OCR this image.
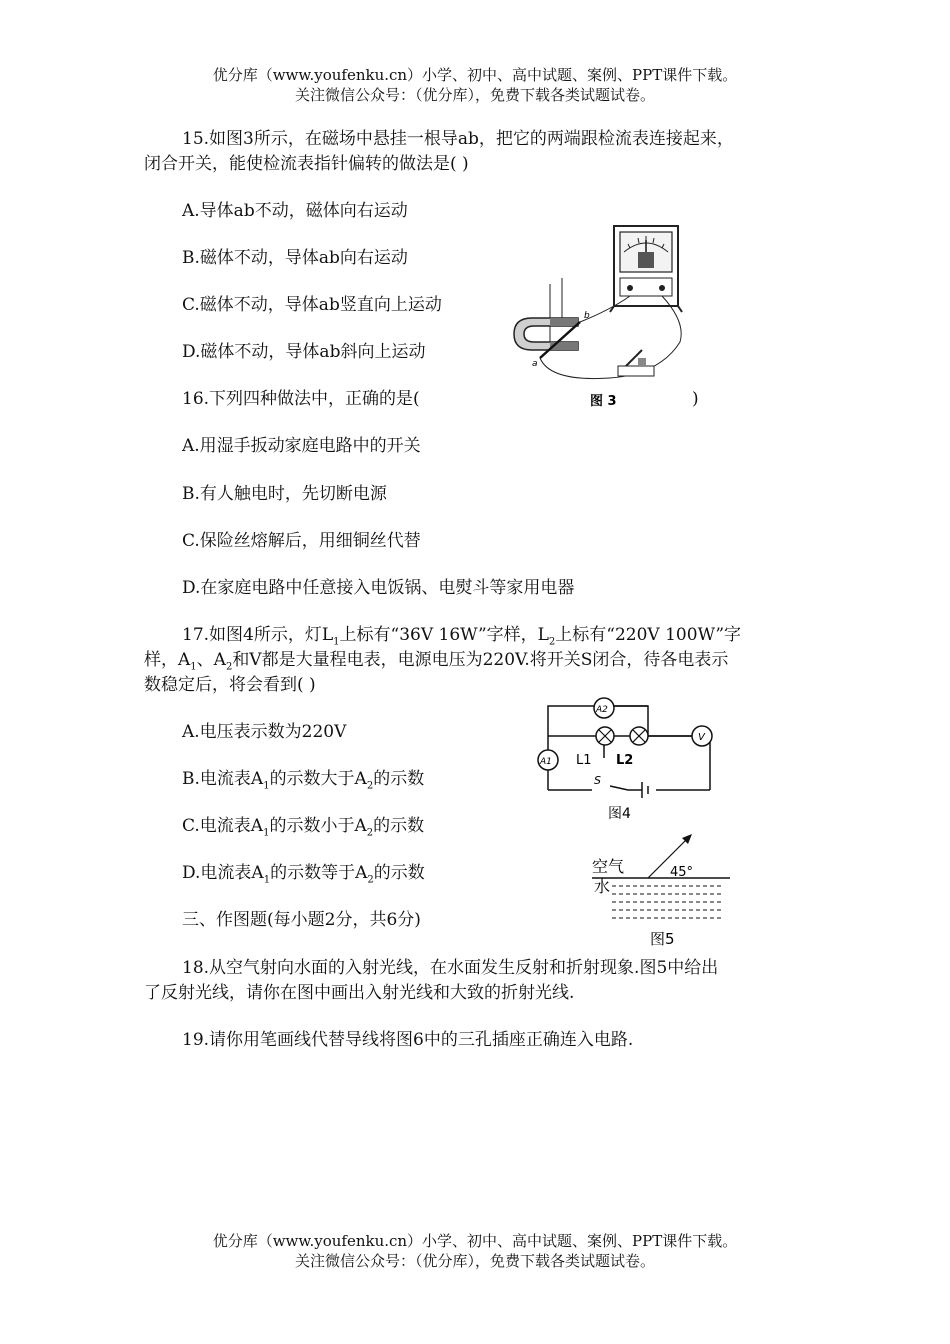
优分库（www.youfenku.cn）小学、初中、高中试题、案例、PPT课件下载。
关注微信公众号：（优分库），免费下载各类试题试卷。
15.如图3所示，在磁场中悬挂一根导ab，把它的两端跟检流表连接起来，
闭合开关，能使检流表指针偏转的做法是( )
A.导体ab不动，磁体向右运动
B.磁体不动，导体ab向右运动
C.磁体不动，导体ab竖直向上运动
D.磁体不动，导体ab斜向上运动
a
b
图 3
16.下列四种做法中，正确的是(	)
A.用湿手扳动家庭电路中的开关
B.有人触电时，先切断电源
C.保险丝熔解后，用细铜丝代替
D.在家庭电路中任意接入电饭锅、电熨斗等家用电器
17.如图4所示，灯$L_1$上标有“36V 16W”字样，$L_2$上标有“220V 100W”字
样，$A_1$、$A_2$和V都是大量程电表，电源电压为220V.将开关S闭合，待各电表示
数稳定后，将会看到( )
A.电压表示数为220V
B.电流表$A_1$的示数大于$A_2$的示数
C.电流表$A_1$的示数小于$A_2$的示数
D.电流表$A_1$的示数等于$A_2$的示数
A2
A1
V
L1 L2
S
图4
三、作图题(每小题2分，共6分)
空气
水
45°
图5
18.从空气射向水面的入射光线，在水面发生反射和折射现象.图5中给出
了反射光线，请你在图中画出入射光线和大致的折射光线.
19.请你用笔画线代替导线将图6中的三孔插座正确连入电路.
优分库（www.youfenku.cn）小学、初中、高中试题、案例、PPT课件下载。
关注微信公众号：（优分库），免费下载各类试题试卷。
